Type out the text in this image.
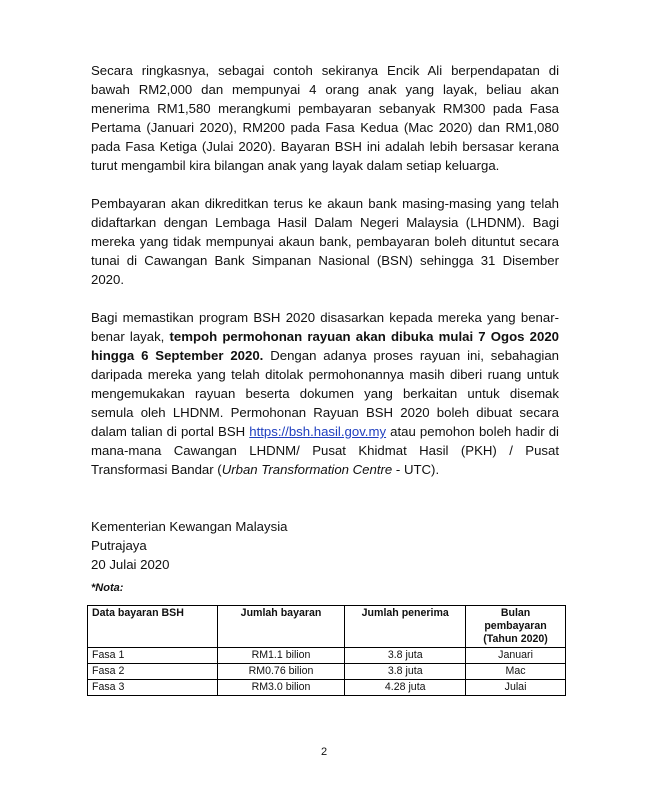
Secara ringkasnya, sebagai contoh sekiranya Encik Ali berpendapatan di bawah RM2,000 dan mempunyai 4 orang anak yang layak, beliau akan menerima RM1,580 merangkumi pembayaran sebanyak RM300 pada Fasa Pertama (Januari 2020), RM200 pada Fasa Kedua (Mac 2020) dan RM1,080 pada Fasa Ketiga (Julai 2020). Bayaran BSH ini adalah lebih bersasar kerana turut mengambil kira bilangan anak yang layak dalam setiap keluarga.

Pembayaran akan dikreditkan terus ke akaun bank masing-masing yang telah didaftarkan dengan Lembaga Hasil Dalam Negeri Malaysia (LHDNM). Bagi mereka yang tidak mempunyai akaun bank, pembayaran boleh dituntut secara tunai di Cawangan Bank Simpanan Nasional (BSN) sehingga 31 Disember 2020.

Bagi memastikan program BSH 2020 disasarkan kepada mereka yang benar-benar layak, tempoh permohonan rayuan akan dibuka mulai 7 Ogos 2020 hingga 6 September 2020. Dengan adanya proses rayuan ini, sebahagian daripada mereka yang telah ditolak permohonannya masih diberi ruang untuk mengemukakan rayuan beserta dokumen yang berkaitan untuk disemak semula oleh LHDNM. Permohonan Rayuan BSH 2020 boleh dibuat secara dalam talian di portal BSH https://bsh.hasil.gov.my atau pemohon boleh hadir di mana-mana Cawangan LHDNM/ Pusat Khidmat Hasil (PKH) / Pusat Transformasi Bandar (Urban Transformation Centre - UTC).

Kementerian Kewangan Malaysia
Putrajaya
20 Julai 2020
*Nota:
Data bayaran BSH	Jumlah bayaran	Jumlah penerima	Bulan pembayaran (Tahun 2020)
Fasa 1	RM1.1 bilion	3.8 juta	Januari
Fasa 2	RM0.76 bilion	3.8 juta	Mac
Fasa 3	RM3.0 bilion	4.28 juta	Julai
2
